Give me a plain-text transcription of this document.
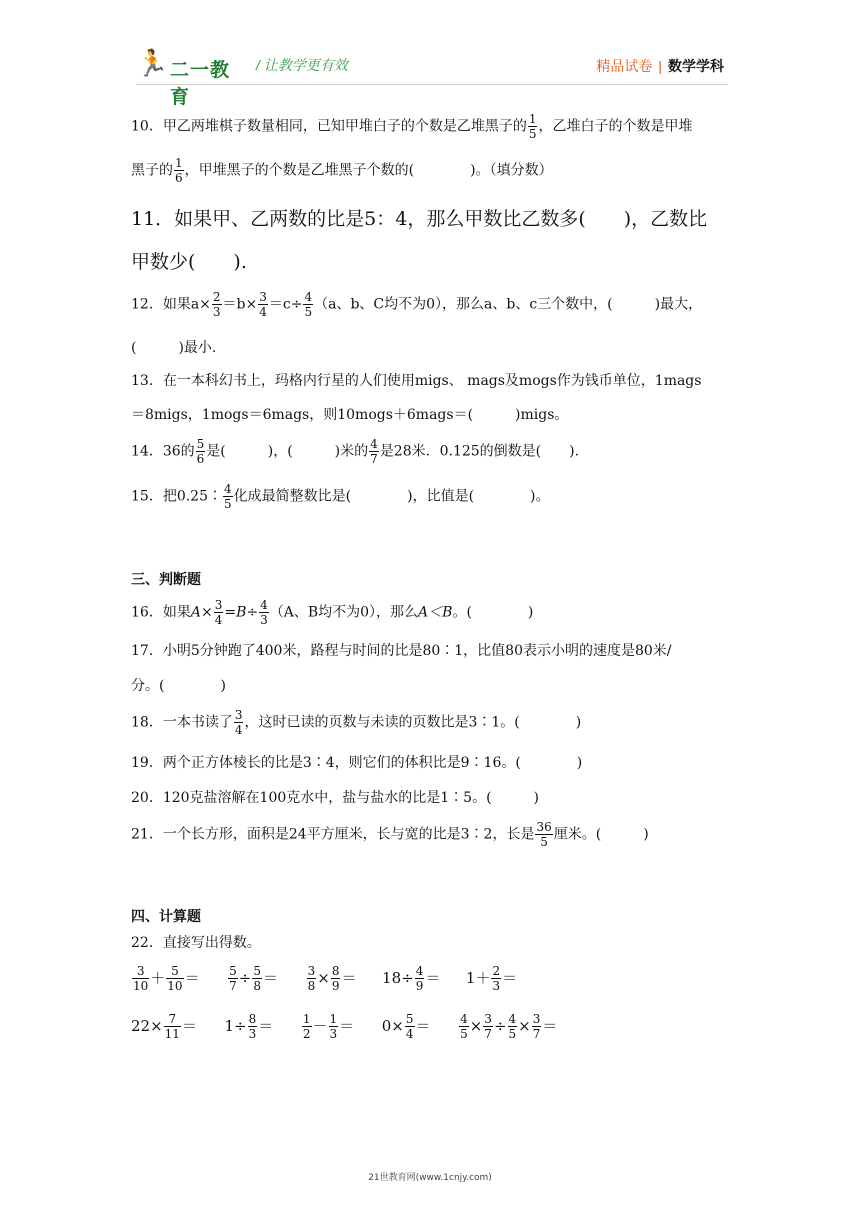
🏃 二一教育
/ 让教学更有效	精品试卷 | 数学学科
10．甲乙两堆棋子数量相同，已知甲堆白子的个数是乙堆黑子的 $\frac{1}{5}$ ，乙堆白子的个数是甲堆
黑子的 $\frac{1}{6}$ ，甲堆黑子的个数是乙堆黑子个数的(　　　　)。（填分数）
11．如果甲、乙两数的比是5：4，那么甲数比乙数多(　　)，乙数比
甲数少(　　).
12．如果$a\times \frac{2}{3} =b\times \frac{3}{4} =c\div \frac{4}{5} (a$、b、C均不为0），那么a、b、c三个数中，(　　　)最大，
(　　　)最小.
13．在一本科幻书上，玛格内行星的人们使用migs、 mags及mogs作为钱币单位，1mags
＝8migs，1mogs＝6mags，则10mogs＋6mags＝(　　　)migs。
14．36的 $\frac{5}{6}$ 是(　　　)，(　　　)米的 $\frac{4}{7}$ 是28米．0.125的倒数是(　　).
15．把0.25∶ $\frac{4}{5}$ 化成最简整数比是(　　　　)，比值是(　　　　)。
三、判断题
16．如果$A\times \frac{3}{4} =B\div \frac{4}{3} (A$、B均不为0），那么A＜B。(　　　　)
17．小明5分钟跑了400米，路程与时间的比是80∶1，比值80表示小明的速度是80米/
分。(　　　　)
18．一本书读了 $\frac{3}{4}$ ，这时已读的页数与未读的页数比是3∶1。(　　　　)
19．两个正方体棱长的比是3∶4，则它们的体积比是9∶16。(　　　　)
20．120克盐溶解在100克水中，盐与盐水的比是1∶5。(　　　)
21．一个长方形，面积是24平方厘米，长与宽的比是3∶2，长是 $\frac{36}{5}$ 厘米。(　　　)
四、计算题
22．直接写出得数。
$\frac{3}{10} + \frac{5}{10} = \frac{5}{7} \div \frac{5}{8} = \frac{3}{8} \times \frac{8}{9} = 18\div \frac{4}{9} = 1+ \frac{2}{3}$ ＝
$22\times \frac{7}{11} = 1\div \frac{8}{3} = \frac{1}{2} - \frac{1}{3} = 0\times \frac{5}{4} = \frac{4}{5} \times \frac{3}{7} \div \frac{4}{5} \times \frac{3}{7}$ ＝
21世教育网(www.1cnjy.com)
